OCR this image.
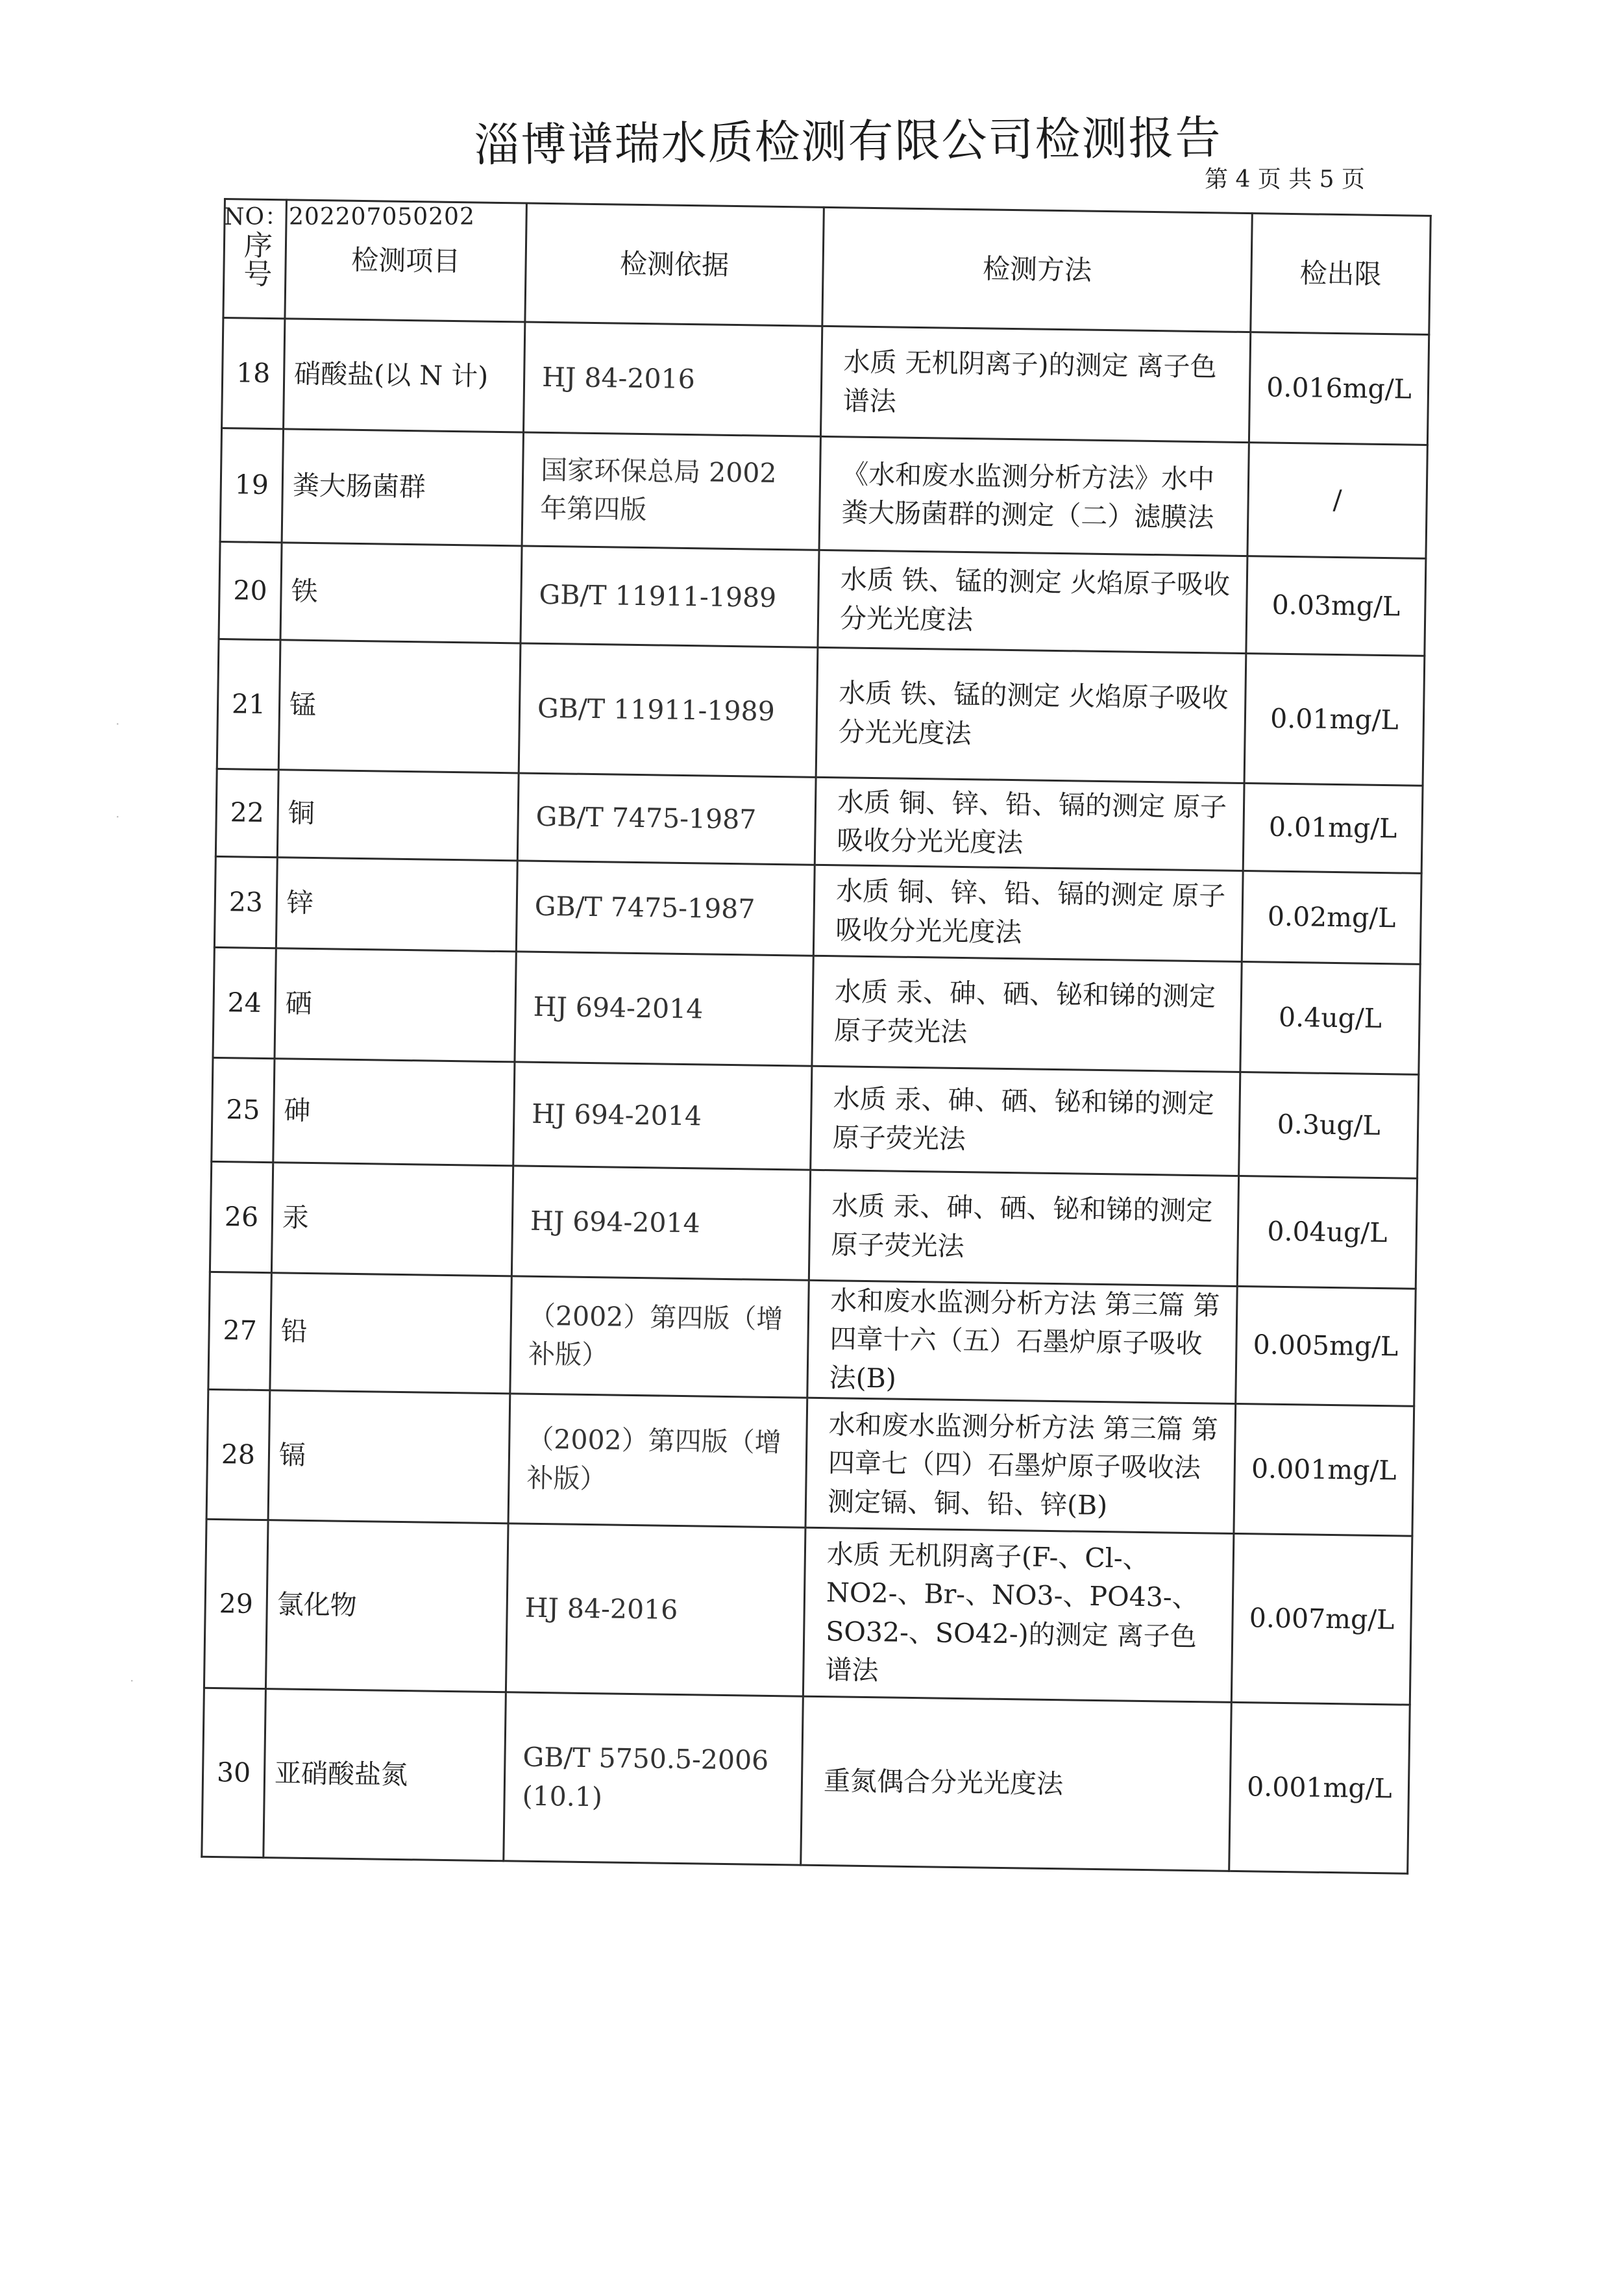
淄博谱瑞水质检测有限公司检测报告
第 4 页 共 5 页
NO：202207050202
序号	检测项目	检测依据	检测方法	检出限
18	硝酸盐(以 N 计)	HJ 84-2016	水质 无机阴离子)的测定 离子色谱法	0.016mg/L
19	粪大肠菌群	国家环保总局 2002 年第四版	《水和废水监测分析方法》水中粪大肠菌群的测定（二）滤膜法	/
20	铁	GB/T 11911-1989	水质 铁、锰的测定 火焰原子吸收分光光度法	0.03mg/L
21	锰	GB/T 11911-1989	水质 铁、锰的测定 火焰原子吸收分光光度法	0.01mg/L
22	铜	GB/T 7475-1987	水质 铜、锌、铅、镉的测定 原子吸收分光光度法	0.01mg/L
23	锌	GB/T 7475-1987	水质 铜、锌、铅、镉的测定 原子吸收分光光度法	0.02mg/L
24	硒	HJ 694-2014	水质 汞、砷、硒、铋和锑的测定 原子荧光法	0.4ug/L
25	砷	HJ 694-2014	水质 汞、砷、硒、铋和锑的测定 原子荧光法	0.3ug/L
26	汞	HJ 694-2014	水质 汞、砷、硒、铋和锑的测定 原子荧光法	0.04ug/L
27	铅	（2002）第四版（增补版）	水和废水监测分析方法 第三篇 第四章十六（五）石墨炉原子吸收法(B)	0.005mg/L
28	镉	（2002）第四版（增补版）	水和废水监测分析方法 第三篇 第四章七（四）石墨炉原子吸收法测定镉、铜、铅、锌(B)	0.001mg/L
29	氯化物	HJ 84-2016	水质 无机阴离子(F-、Cl-、NO2-、Br-、NO3-、PO43-、SO32-、SO42-)的测定 离子色谱法	0.007mg/L
30	亚硝酸盐氮	GB/T 5750.5-2006 (10.1)	重氮偶合分光光度法	0.001mg/L
·
·
·
